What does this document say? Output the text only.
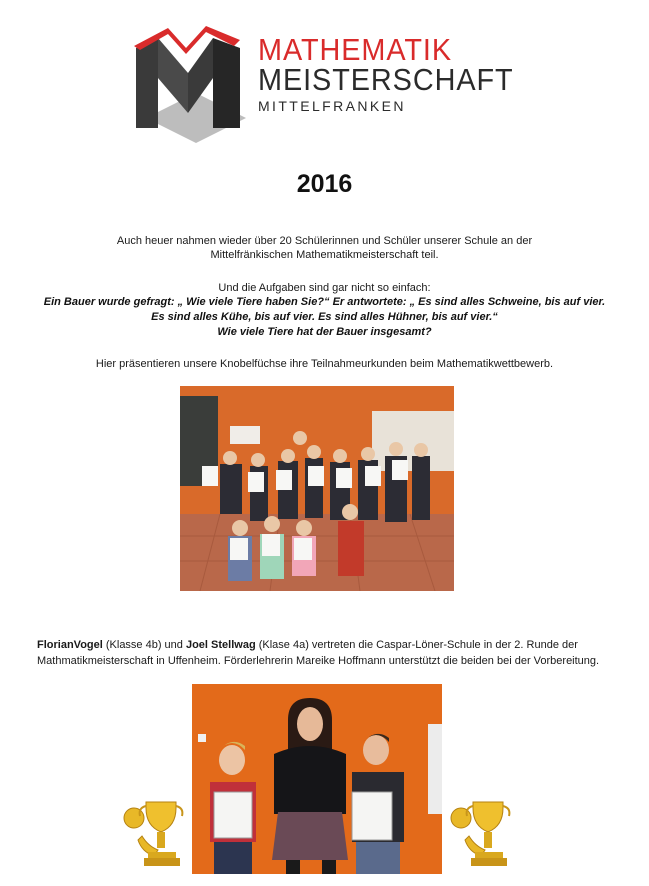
MATHEMATIK
MEISTERSCHAFT
MITTELFRANKEN
2016
Auch heuer nahmen wieder über 20 Schülerinnen und Schüler unserer Schule an der
Mittelfränkischen Mathematikmeisterschaft teil.
Und die Aufgaben sind gar nicht so einfach:
Ein Bauer wurde gefragt: „ Wie viele Tiere haben Sie?“ Er antwortete: „ Es sind alles Schweine, bis auf vier.
Es sind alles Kühe, bis auf vier. Es sind alles Hühner, bis auf vier.“
Wie viele Tiere hat der Bauer insgesamt?
Hier präsentieren unsere Knobelfüchse ihre Teilnahmeurkunden beim Mathematikwettbewerb.
FlorianVogel (Klasse 4b) und Joel Stellwag (Klase 4a) vertreten die Caspar-Löner-Schule in der 2. Runde der Mathmatikmeisterschaft in Uffenheim. Förderlehrerin Mareike Hoffmann unterstützt die beiden bei der Vorbereitung.
